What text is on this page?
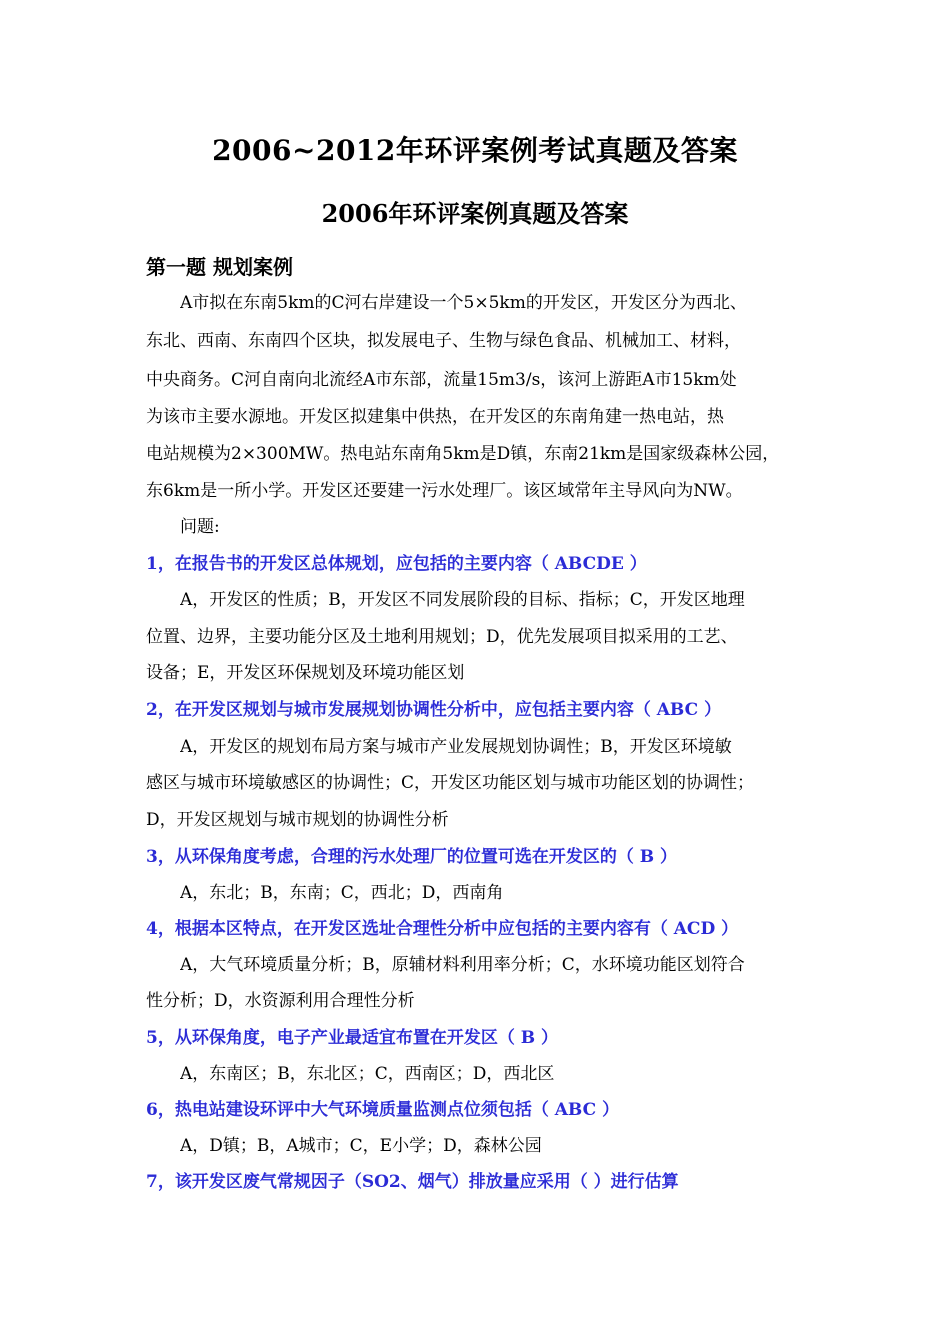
2006~2012年环评案例考试真题及答案
2006年环评案例真题及答案
第一题 规划案例
A市拟在东南5km的C河右岸建设一个5×5km的开发区，开发区分为西北、
东北、西南、东南四个区块，拟发展电子、生物与绿色食品、机械加工、材料，
中央商务。C河自南向北流经A市东部，流量15m3/s，该河上游距A市15km处
为该市主要水源地。开发区拟建集中供热，在开发区的东南角建一热电站，热
电站规模为2×300MW。热电站东南角5km是D镇，东南21km是国家级森林公园，
东6km是一所小学。开发区还要建一污水处理厂。该区域常年主导风向为NW。
问题:
1，在报告书的开发区总体规划，应包括的主要内容（ ABCDE ）
A，开发区的性质；B，开发区不同发展阶段的目标、指标；C，开发区地理
位置、边界，主要功能分区及土地利用规划；D，优先发展项目拟采用的工艺、
设备；E，开发区环保规划及环境功能区划
2，在开发区规划与城市发展规划协调性分析中，应包括主要内容（ ABC ）
A，开发区的规划布局方案与城市产业发展规划协调性；B，开发区环境敏
感区与城市环境敏感区的协调性；C，开发区功能区划与城市功能区划的协调性；
D，开发区规划与城市规划的协调性分析
3，从环保角度考虑，合理的污水处理厂的位置可选在开发区的（ B ）
A，东北；B，东南；C，西北；D，西南角
4，根据本区特点，在开发区选址合理性分析中应包括的主要内容有（ ACD ）
A，大气环境质量分析；B，原辅材料利用率分析；C，水环境功能区划符合
性分析；D，水资源利用合理性分析
5，从环保角度，电子产业最适宜布置在开发区（ B ）
A，东南区；B，东北区；C，西南区；D，西北区
6，热电站建设环评中大气环境质量监测点位须包括（ ABC ）
A，D镇；B，A城市；C，E小学；D，森林公园
7，该开发区废气常规因子（SO2、烟气）排放量应采用（ ）进行估算
